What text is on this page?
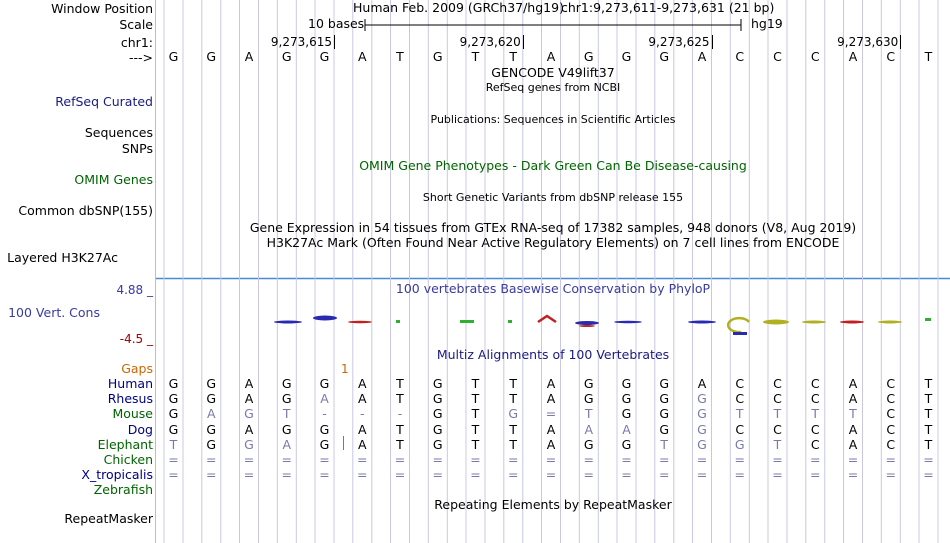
Window Position
Scale
chr1:
--->
RefSeq Curated
Sequences
SNPs
OMIM Genes
Common dbSNP(155)
Layered H3K27Ac
4.88 _
100 Vert. Cons
-4.5 _
Human Feb. 2009 (GRCh37/hg19)
chr1:9,273,611-9,273,631 (21 bp)
10 bases	hg19
9,273,615	9,273,620	9,273,625	9,273,630
G G A G G A	T	G	T	T	A G G G A C C C A C	T
GENCODE V49lift37
RefSeq genes from NCBI
Publications: Sequences in Scientific Articles
OMIM Gene Phenotypes - Dark Green Can Be Disease-causing
Short Genetic Variants from dbSNP release 155
Gene Expression in 54 tissues from GTEx RNA-seq of 17382 samples, 948 donors (V8, Aug 2019)
H3K27Ac Mark (Often Found Near Active Regulatory Elements) on 7 cell lines from ENCODE
100 vertebrates Basewise Conservation by PhyloP
Multiz Alignments of 100 Vertebrates
Gaps	1
Human G G A G G A	T	G	T	T	A G G G A C C C A C	T
Rhesus G G A G A A	T	G	T	T	A G G G G C C C A C	T
Mouse G A G	T	-	-	-	G	T	G =	T	G G G	T	T	T	T	C	T
Dog G G A G G A	T	G	T	T	A A A G G C C C A C	T
Elephant	T	G G A G A	T	G	T	T	A G G	T	G G	T	C A C	T
Chicken = = = = = = = = = = = = = = = = = = = = =
X_tropicalis = = = = = = = = = = = = = = = = = = = = =
Zebrafish
Repeating Elements by RepeatMasker
RepeatMasker
